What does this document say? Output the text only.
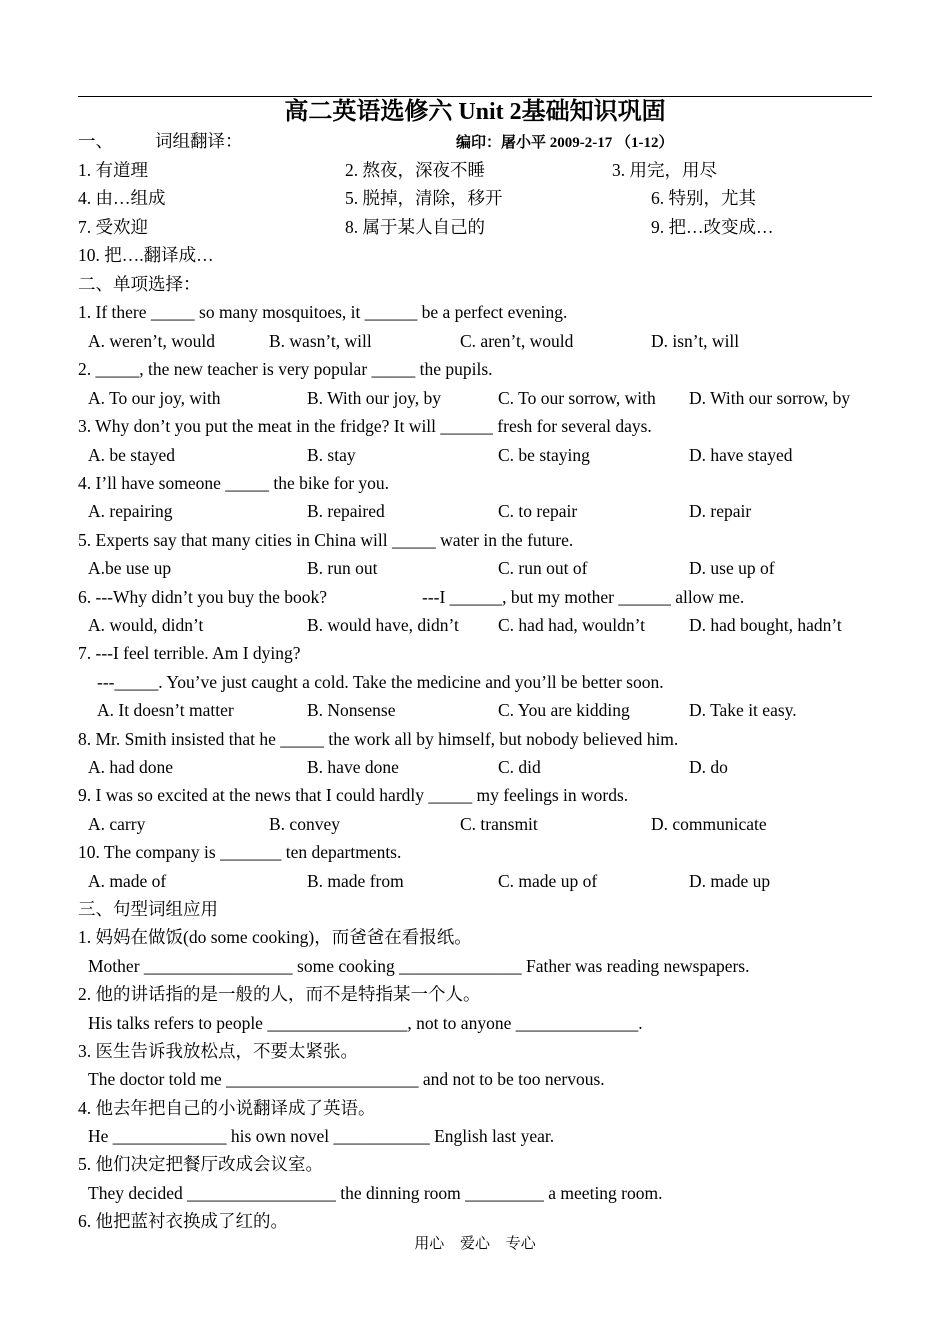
高二英语选修六 Unit 2基础知识巩固
一、 词组翻译：	编印：屠小平 2009-2-17 （1-12）
1. 有道理	2. 熬夜，深夜不睡	3. 用完，用尽
4. 由…组成	5. 脱掉，清除，移开	6. 特别，尤其
7. 受欢迎	8. 属于某人自己的	9. 把…改变成…
10. 把….翻译成…
二、单项选择：
1. If there _____ so many mosquitoes, it ______ be a perfect evening.
A. weren’t, would	B. wasn’t, will	C. aren’t, would	D. isn’t, will
2. _____, the new teacher is very popular _____ the pupils.
A. To our joy, with	B. With our joy, by	C. To our sorrow, with D. With our sorrow, by
3. Why don’t you put the meat in the fridge? It will ______ fresh for several days.
A. be stayed	B. stay	C. be staying	D. have stayed
4. I’ll have someone _____ the bike for you.
A. repairing	B. repaired	C. to repair	D. repair
5. Experts say that many cities in China will _____ water in the future.
A.be use up	B. run out	C. run out of	D. use up of
6. ---Why didn’t you buy the book?	---I ______, but my mother ______ allow me.
A. would, didn’t	B. would have, didn’t C. had had, wouldn’t	D. had bought, hadn’t
7. ---I feel terrible. Am I dying?
---_____. You’ve just caught a cold. Take the medicine and you’ll be better soon.
A. It doesn’t matter	B. Nonsense	C. You are kidding	D. Take it easy.
8. Mr. Smith insisted that he _____ the work all by himself, but nobody believed him.
A. had done	B. have done	C. did	D. do
9. I was so excited at the news that I could hardly _____ my feelings in words.
A. carry	B. convey	C. transmit	D. communicate
10. The company is _______ ten departments.
A. made of	B. made from	C. made up of	D. made up
三、句型词组应用
1. 妈妈在做饭(do some cooking)，而爸爸在看报纸。
Mother _________________ some cooking ______________ Father was reading newspapers.
2. 他的讲话指的是一般的人，而不是特指某一个人。
His talks refers to people ________________, not to anyone ______________.
3. 医生告诉我放松点，不要太紧张。
The doctor told me ______________________ and not to be too nervous.
4. 他去年把自己的小说翻译成了英语。
He _____________ his own novel ___________ English last year.
5. 他们决定把餐厅改成会议室。
They decided _________________ the dinning room _________ a meeting room.
6. 他把蓝衬衣换成了红的。
用心 爱心 专心
